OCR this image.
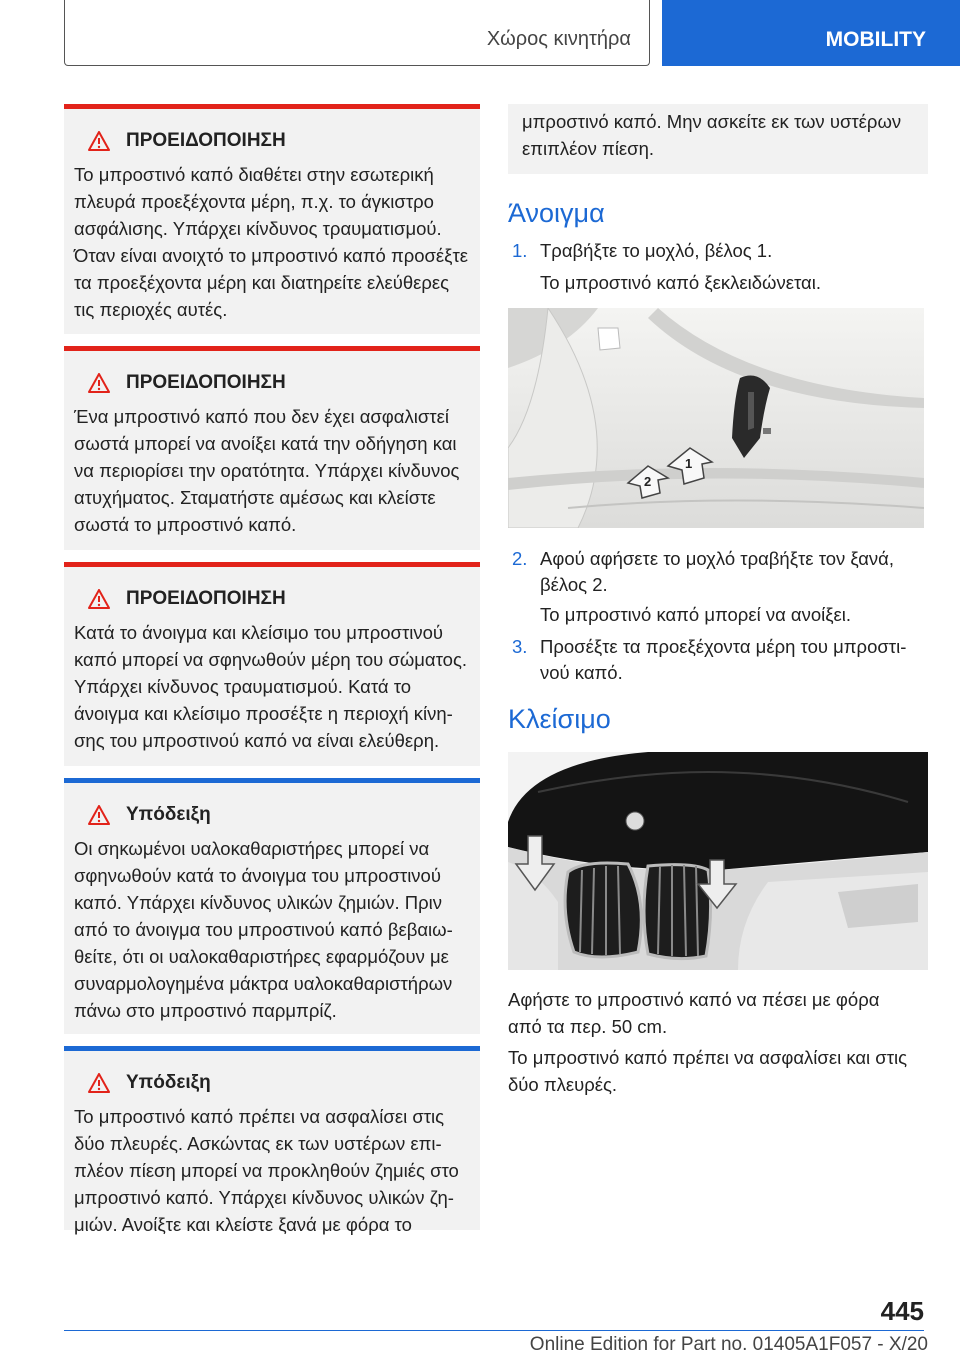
Χώρος κινητήρα	MOBILITY
ΠΡΟΕΙΔΟΠΟΙΗΣΗ
Το μπροστινό καπό διαθέτει στην εσωτερική
πλευρά προεξέχοντα μέρη, π.χ. το άγκιστρο
ασφάλισης. Υπάρχει κίνδυνος τραυματισμού.
Όταν είναι ανοιχτό το μπροστινό καπό προσέξτε
τα προεξέχοντα μέρη και διατηρείτε ελεύθερες
τις περιοχές αυτές.
ΠΡΟΕΙΔΟΠΟΙΗΣΗ
Ένα μπροστινό καπό που δεν έχει ασφαλιστεί
σωστά μπορεί να ανοίξει κατά την οδήγηση και
να περιορίσει την ορατότητα. Υπάρχει κίνδυνος
ατυχήματος. Σταματήστε αμέσως και κλείστε
σωστά το μπροστινό καπό.
ΠΡΟΕΙΔΟΠΟΙΗΣΗ
Κατά το άνοιγμα και κλείσιμο του μπροστινού
καπό μπορεί να σφηνωθούν μέρη του σώματος.
Υπάρχει κίνδυνος τραυματισμού. Κατά το
άνοιγμα και κλείσιμο προσέξτε η περιοχή κίνη-
σης του μπροστινού καπό να είναι ελεύθερη.
Υπόδειξη
Οι σηκωμένοι υαλοκαθαριστήρες μπορεί να
σφηνωθούν κατά το άνοιγμα του μπροστινού
καπό. Υπάρχει κίνδυνος υλικών ζημιών. Πριν
από το άνοιγμα του μπροστινού καπό βεβαιω-
θείτε, ότι οι υαλοκαθαριστήρες εφαρμόζουν με
συναρμολογημένα μάκτρα υαλοκαθαριστήρων
πάνω στο μπροστινό παρμπρίζ.
Υπόδειξη
Το μπροστινό καπό πρέπει να ασφαλίσει στις
δύο πλευρές. Ασκώντας εκ των υστέρων επι-
πλέον πίεση μπορεί να προκληθούν ζημιές στο
μπροστινό καπό. Υπάρχει κίνδυνος υλικών ζη-
μιών. Ανοίξτε και κλείστε ξανά με φόρα το
μπροστινό καπό. Μην ασκείτε εκ των υστέρων
επιπλέον πίεση.
Άνοιγμα
1. Τραβήξτε το μοχλό, βέλος 1.
Το μπροστινό καπό ξεκλειδώνεται.
2
1
2. Αφού αφήσετε το μοχλό τραβήξτε τον ξανά,
βέλος 2.
Το μπροστινό καπό μπορεί να ανοίξει.
3. Προσέξτε τα προεξέχοντα μέρη του μπροστι-
νού καπό.
Κλείσιμο
Αφήστε το μπροστινό καπό να πέσει με φόρα
από τα περ. 50 cm.
Το μπροστινό καπό πρέπει να ασφαλίσει και στις
δύο πλευρές.
445
Online Edition for Part no. 01405A1F057 - X/20
